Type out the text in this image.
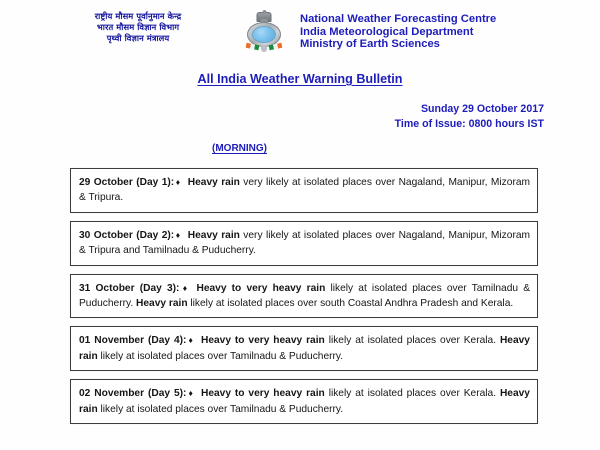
राष्ट्रीय मौसम पूर्वानुमान केन्द्र
भारत मौसम विज्ञान विभाग
पृथ्वी विज्ञान मंत्रालय
National Weather Forecasting Centre
India Meteorological Department
Ministry of Earth Sciences
All India Weather Warning Bulletin
Sunday 29 October 2017
Time of Issue: 0800 hours IST
(MORNING)
29 October (Day 1):♦ Heavy rain very likely at isolated places over Nagaland, Manipur, Mizoram & Tripura.
30 October (Day 2):♦ Heavy rain very likely at isolated places over Nagaland, Manipur, Mizoram & Tripura and Tamilnadu & Puducherry.
31 October (Day 3):♦ Heavy to very heavy rain likely at isolated places over Tamilnadu & Puducherry. Heavy rain likely at isolated places over south Coastal Andhra Pradesh and Kerala.
01 November (Day 4):♦ Heavy to very heavy rain likely at isolated places over Kerala. Heavy rain likely at isolated places over Tamilnadu & Puducherry.
02 November (Day 5):♦ Heavy to very heavy rain likely at isolated places over Kerala. Heavy rain likely at isolated places over Tamilnadu & Puducherry.
